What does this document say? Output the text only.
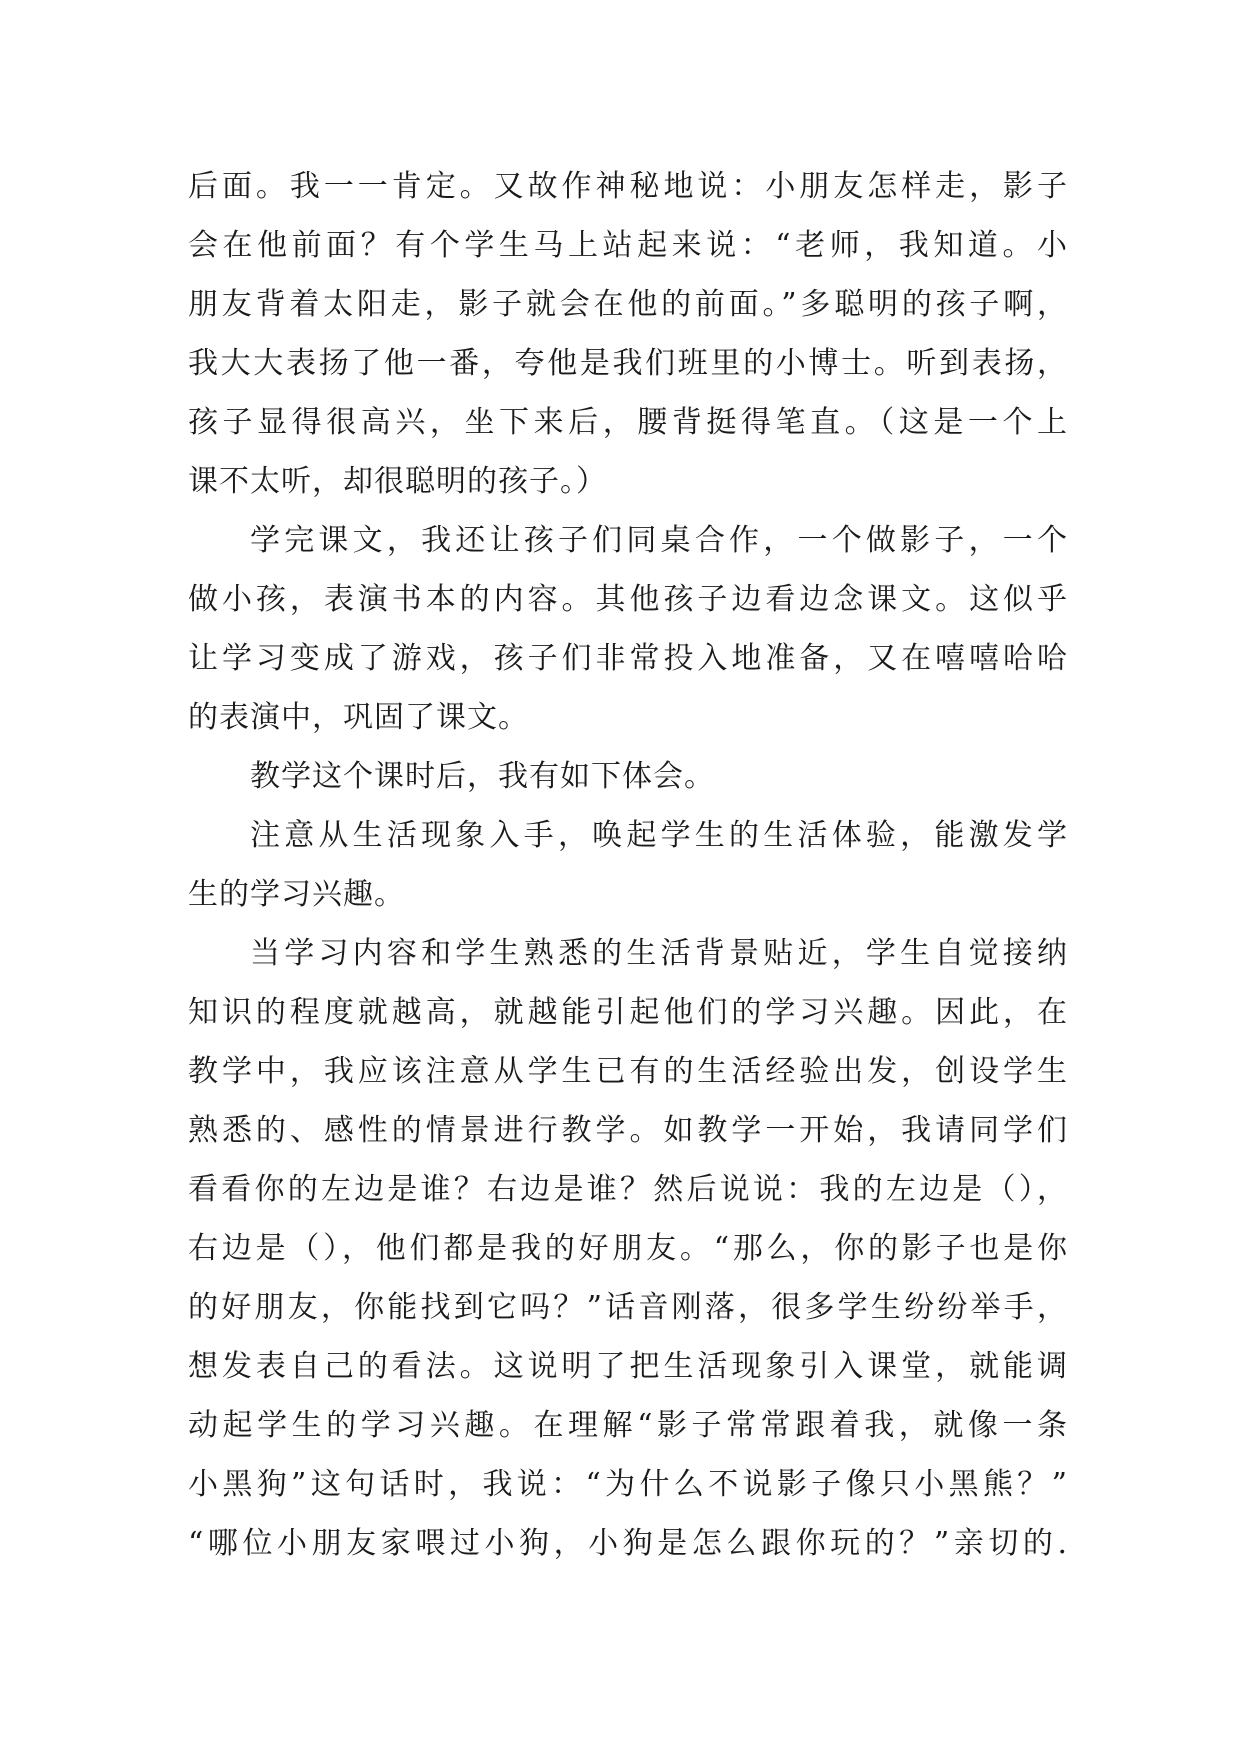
后面。我一一肯定。又故作神秘地说：小朋友怎样走，影子
会在他前面？有个学生马上站起来说：“老师，我知道。小
朋友背着太阳走，影子就会在他的前面。”多聪明的孩子啊，
我大大表扬了他一番，夸他是我们班里的小博士。听到表扬，
孩子显得很高兴，坐下来后，腰背挺得笔直。（这是一个上
课不太听，却很聪明的孩子。）
学完课文，我还让孩子们同桌合作，一个做影子，一个
做小孩，表演书本的内容。其他孩子边看边念课文。这似乎
让学习变成了游戏，孩子们非常投入地准备，又在嘻嘻哈哈
的表演中，巩固了课文。
教学这个课时后，我有如下体会。
注意从生活现象入手，唤起学生的生活体验，能激发学
生的学习兴趣。
当学习内容和学生熟悉的生活背景贴近，学生自觉接纳
知识的程度就越高，就越能引起他们的学习兴趣。因此，在
教学中，我应该注意从学生已有的生活经验出发，创设学生
熟悉的、感性的情景进行教学。如教学一开始，我请同学们
看看你的左边是谁？右边是谁？然后说说：我的左边是（），
右边是（），他们都是我的好朋友。“那么，你的影子也是你
的好朋友，你能找到它吗？”话音刚落，很多学生纷纷举手，
想发表自己的看法。这说明了把生活现象引入课堂，就能调
动起学生的学习兴趣。在理解“影子常常跟着我，就像一条
小黑狗”这句话时，我说：“为什么不说影子像只小黑熊？”
“哪位小朋友家喂过小狗，小狗是怎么跟你玩的？”亲切的.
